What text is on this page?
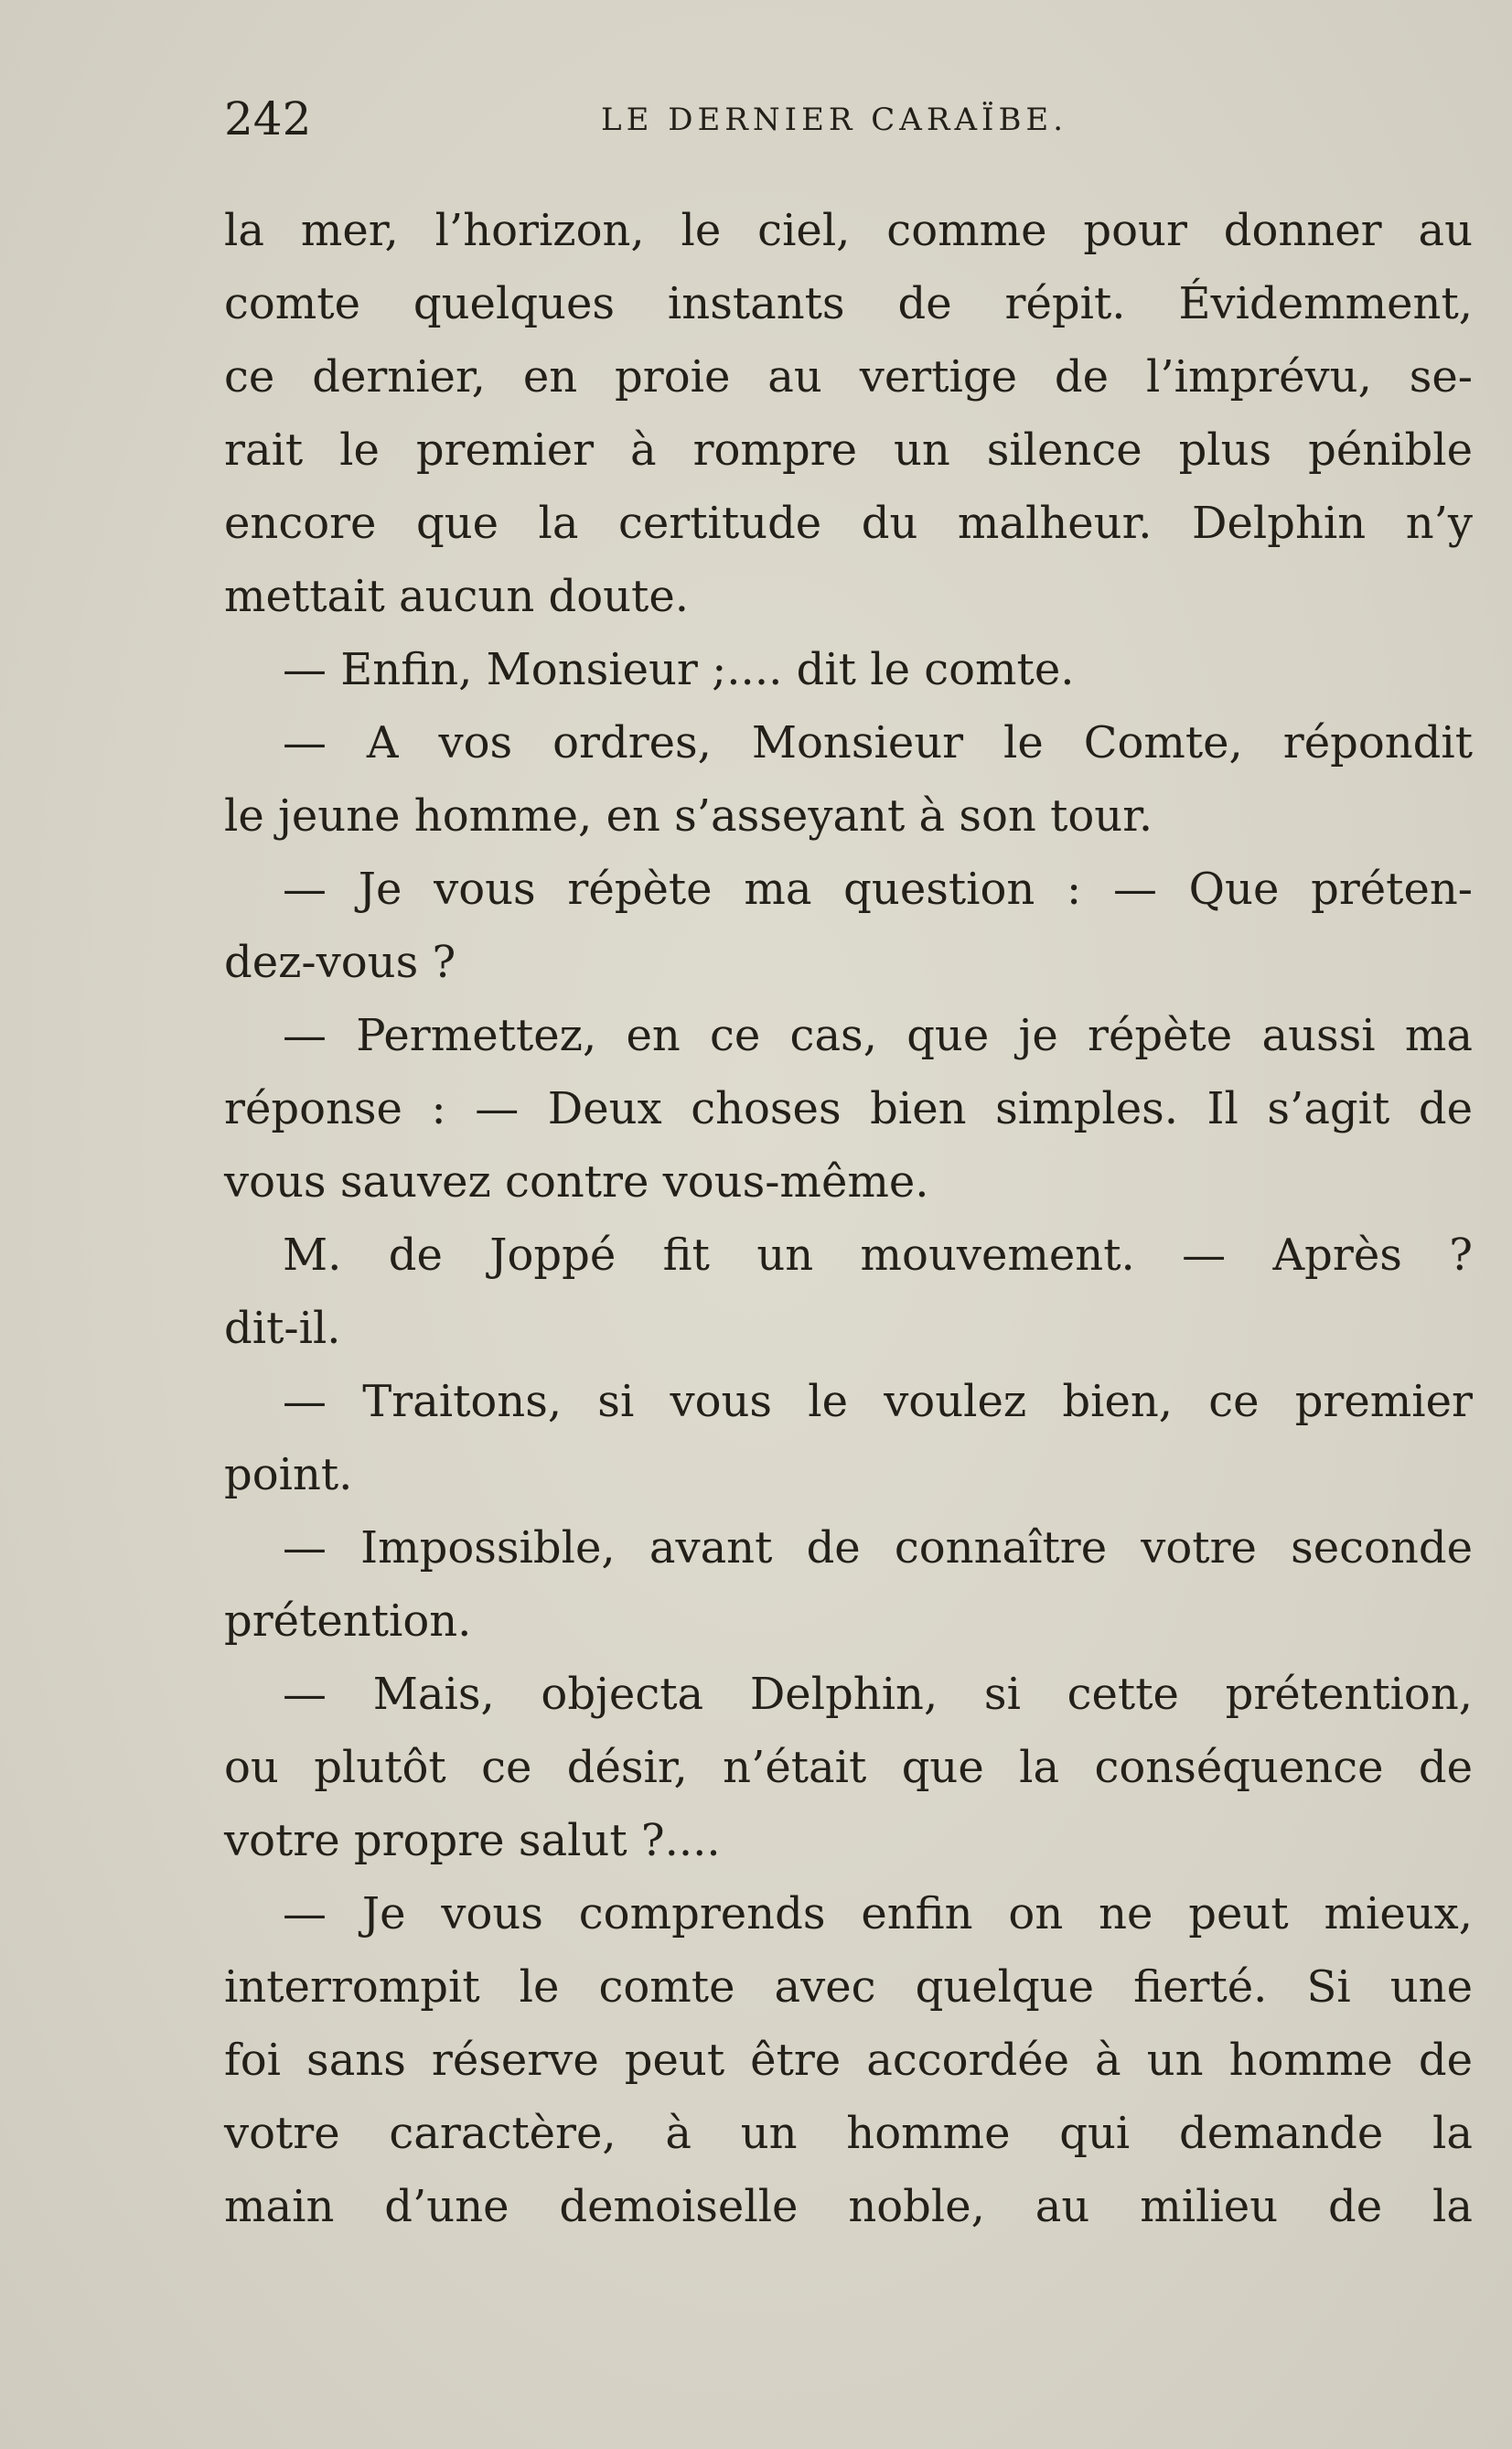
242	LE DERNIER CARAÏBE.
la mer, l’horizon, le ciel, comme pour donner au
comte quelques instants de répit. Évidemment,
ce dernier, en proie au vertige de l’imprévu, se-
rait le premier à rompre un silence plus pénible
encore que la certitude du malheur. Delphin n’y
mettait aucun doute.
— Enfin, Monsieur ;.... dit le comte.
— A vos ordres, Monsieur le Comte, répondit
le jeune homme, en s’asseyant à son tour.
— Je vous répète ma question : — Que préten-
dez-vous ?
— Permettez, en ce cas, que je répète aussi ma
réponse : — Deux choses bien simples. Il s’agit de
vous sauvez contre vous-même.
M. de Joppé fit un mouvement. — Après ?
dit-il.
— Traitons, si vous le voulez bien, ce premier
point.
— Impossible, avant de connaître votre seconde
prétention.
— Mais, objecta Delphin, si cette prétention,
ou plutôt ce désir, n’était que la conséquence de
votre propre salut ?....
— Je vous comprends enfin on ne peut mieux,
interrompit le comte avec quelque fierté. Si une
foi sans réserve peut être accordée à un homme de
votre caractère, à un homme qui demande la
main d’une demoiselle noble, au milieu de la
